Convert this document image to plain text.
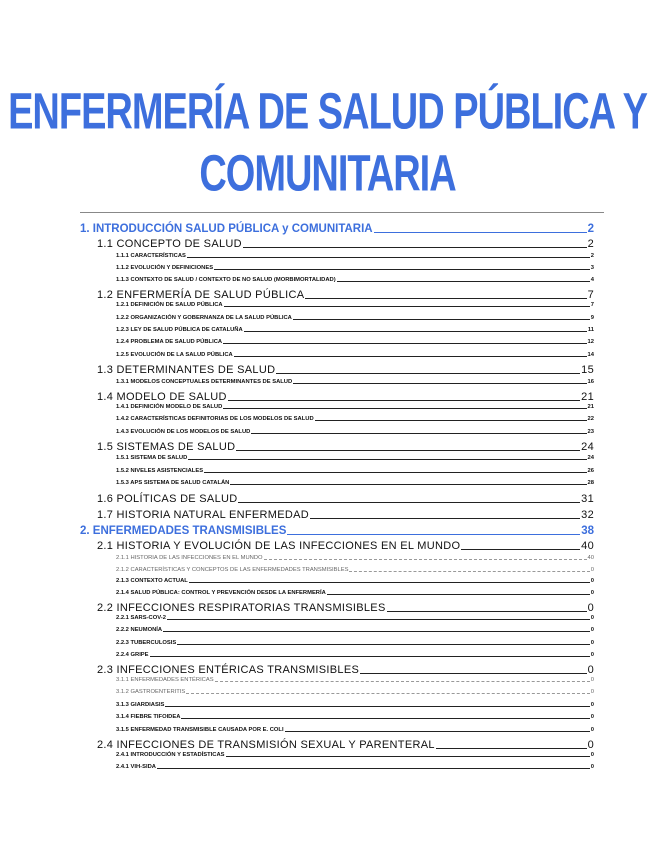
ENFERMERÍA DE SALUD PÚBLICA Y
COMUNITARIA
1. INTRODUCCIÓN SALUD PÚBLICA y COMUNITARIA	2
1.1 CONCEPTO DE SALUD	2
1.1.1 CARACTERÍSTICAS	2
1.1.2 EVOLUCIÓN Y DEFINICIONES	3
1.1.3 CONTEXTO DE SALUD / CONTEXTO DE NO SALUD (MORBIMORTALIDAD)	4
1.2 ENFERMERÍA DE SALUD PÚBLICA	7
1.2.1 DEFINICIÓN DE SALUD PÚBLICA	7
1.2.2 ORGANIZACIÓN Y GOBERNANZA DE LA SALUD PÚBLICA	9
1.2.3 LEY DE SALUD PÚBLICA DE CATALUÑA	11
1.2.4 PROBLEMA DE SALUD PÚBLICA	12
1.2.5 EVOLUCIÓN DE LA SALUD PÚBLICA	14
1.3 DETERMINANTES DE SALUD	15
1.3.1 MODELOS CONCEPTUALES DETERMINANTES DE SALUD	16
1.4 MODELO DE SALUD	21
1.4.1 DEFINICIÓN MODELO DE SALUD	21
1.4.2 CARACTERÍSTICAS DEFINITORIAS DE LOS MODELOS DE SALUD	22
1.4.3 EVOLUCIÓN DE LOS MODELOS DE SALUD	23
1.5 SISTEMAS DE SALUD	24
1.5.1 SISTEMA DE SALUD	24
1.5.2 NIVELES ASISTENCIALES	26
1.5.3 APS SISTEMA DE SALUD CATALÁN	28
1.6 POLÍTICAS DE SALUD	31
1.7 HISTORIA NATURAL ENFERMEDAD	32
2. ENFERMEDADES TRANSMISIBLES	38
2.1 HISTORIA Y EVOLUCIÓN DE LAS INFECCIONES EN EL MUNDO	40
2.1.1 HISTORIA DE LAS INFECCIONES EN EL MUNDO	40
2.1.2 CARACTERÍSTICAS Y CONCEPTOS DE LAS ENFERMEDADES TRANSMISIBLES	0
2.1.3 CONTEXTO ACTUAL	0
2.1.4 SALUD PÚBLICA: CONTROL Y PREVENCIÓN DESDE LA ENFERMERÍA	0
2.2 INFECCIONES RESPIRATORIAS TRANSMISIBLES	0
2.2.1 SARS-COV-2	0
2.2.2 NEUMONÍA	0
2.2.3 TUBERCULOSIS	0
2.2.4 GRIPE	0
2.3 INFECCIONES ENTÉRICAS TRANSMISIBLES	0
3.1.1 ENFERMEDADES ENTÉRICAS	0
3.1.2 GASTROENTERITIS	0
3.1.3 GIARDIASIS	0
3.1.4 FIEBRE TIFOIDEA	0
3.1.5 ENFERMEDAD TRANSMISIBLE CAUSADA POR E. COLI	0
2.4 INFECCIONES DE TRANSMISIÓN SEXUAL Y PARENTERAL	0
2.4.1 INTRODUCCIÓN Y ESTADÍSTICAS	0
2.4.1 VIH-SIDA	0
